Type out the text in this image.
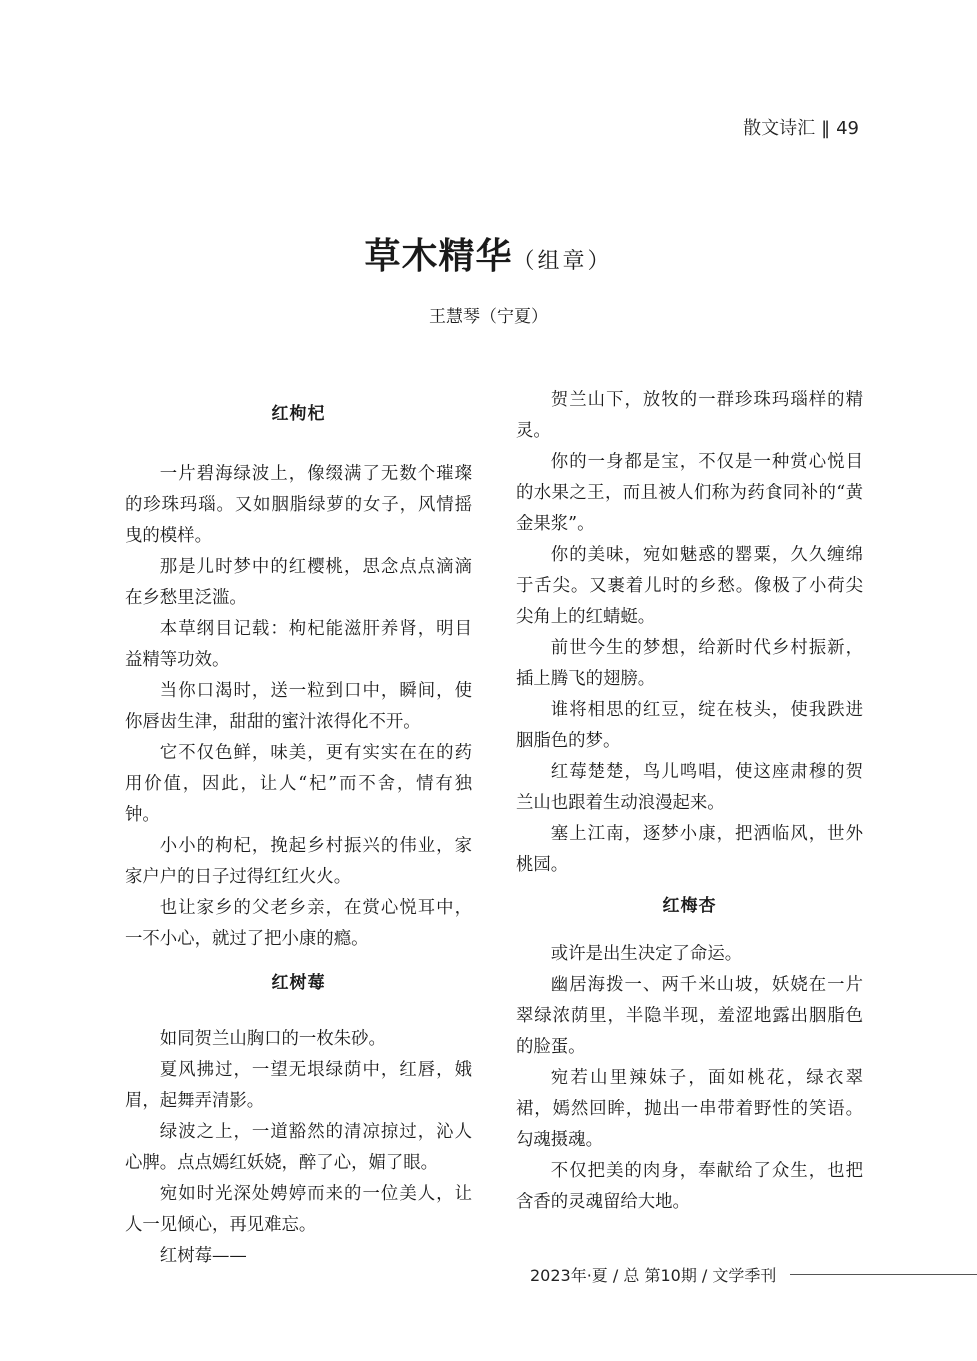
散文诗汇 ‖ 49
草木精华（组章）
王慧琴（宁夏）
红枸杞

一片碧海绿波上，像缀满了无数个璀璨的珍珠玛瑙。又如胭脂绿萝的女子，风情摇曳的模样。

那是儿时梦中的红樱桃，思念点点滴滴在乡愁里泛滥。

本草纲目记载：枸杞能滋肝养肾，明目益精等功效。

当你口渴时，送一粒到口中，瞬间，使你唇齿生津，甜甜的蜜汁浓得化不开。

它不仅色鲜，味美，更有实实在在的药用价值，因此，让人“杞”而不舍，情有独钟。

小小的枸杞，挽起乡村振兴的伟业，家家户户的日子过得红红火火。

也让家乡的父老乡亲，在赏心悦耳中，一不小心，就过了把小康的瘾。

红树莓

如同贺兰山胸口的一枚朱砂。

夏风拂过，一望无垠绿荫中，红唇，娥眉，起舞弄清影。

绿波之上，一道豁然的清凉掠过，沁人心脾。点点嫣红妖娆，醉了心，媚了眼。

宛如时光深处娉婷而来的一位美人，让人一见倾心，再见难忘。

红树莓——

贺兰山下，放牧的一群珍珠玛瑙样的精灵。

你的一身都是宝，不仅是一种赏心悦目的水果之王，而且被人们称为药食同补的“黄金果浆”。

你的美味，宛如魅惑的罂粟，久久缠绵于舌尖。又裹着儿时的乡愁。像极了小荷尖尖角上的红蜻蜓。

前世今生的梦想，给新时代乡村振新，插上腾飞的翅膀。

谁将相思的红豆，绽在枝头，使我跌进胭脂色的梦。

红莓楚楚，鸟儿鸣唱，使这座肃穆的贺兰山也跟着生动浪漫起来。

塞上江南，逐梦小康，把洒临风，世外桃园。

红梅杏

或许是出生决定了命运。

幽居海拨一、两千米山坡，妖娆在一片翠绿浓荫里，半隐半现，羞涩地露出胭脂色的脸蛋。

宛若山里辣妹子，面如桃花，绿衣翠裙，嫣然回眸，抛出一串带着野性的笑语。勾魂摄魂。

不仅把美的肉身，奉献给了众生，也把含香的灵魂留给大地。

2023年·夏 / 总 第10期 / 文学季刊
